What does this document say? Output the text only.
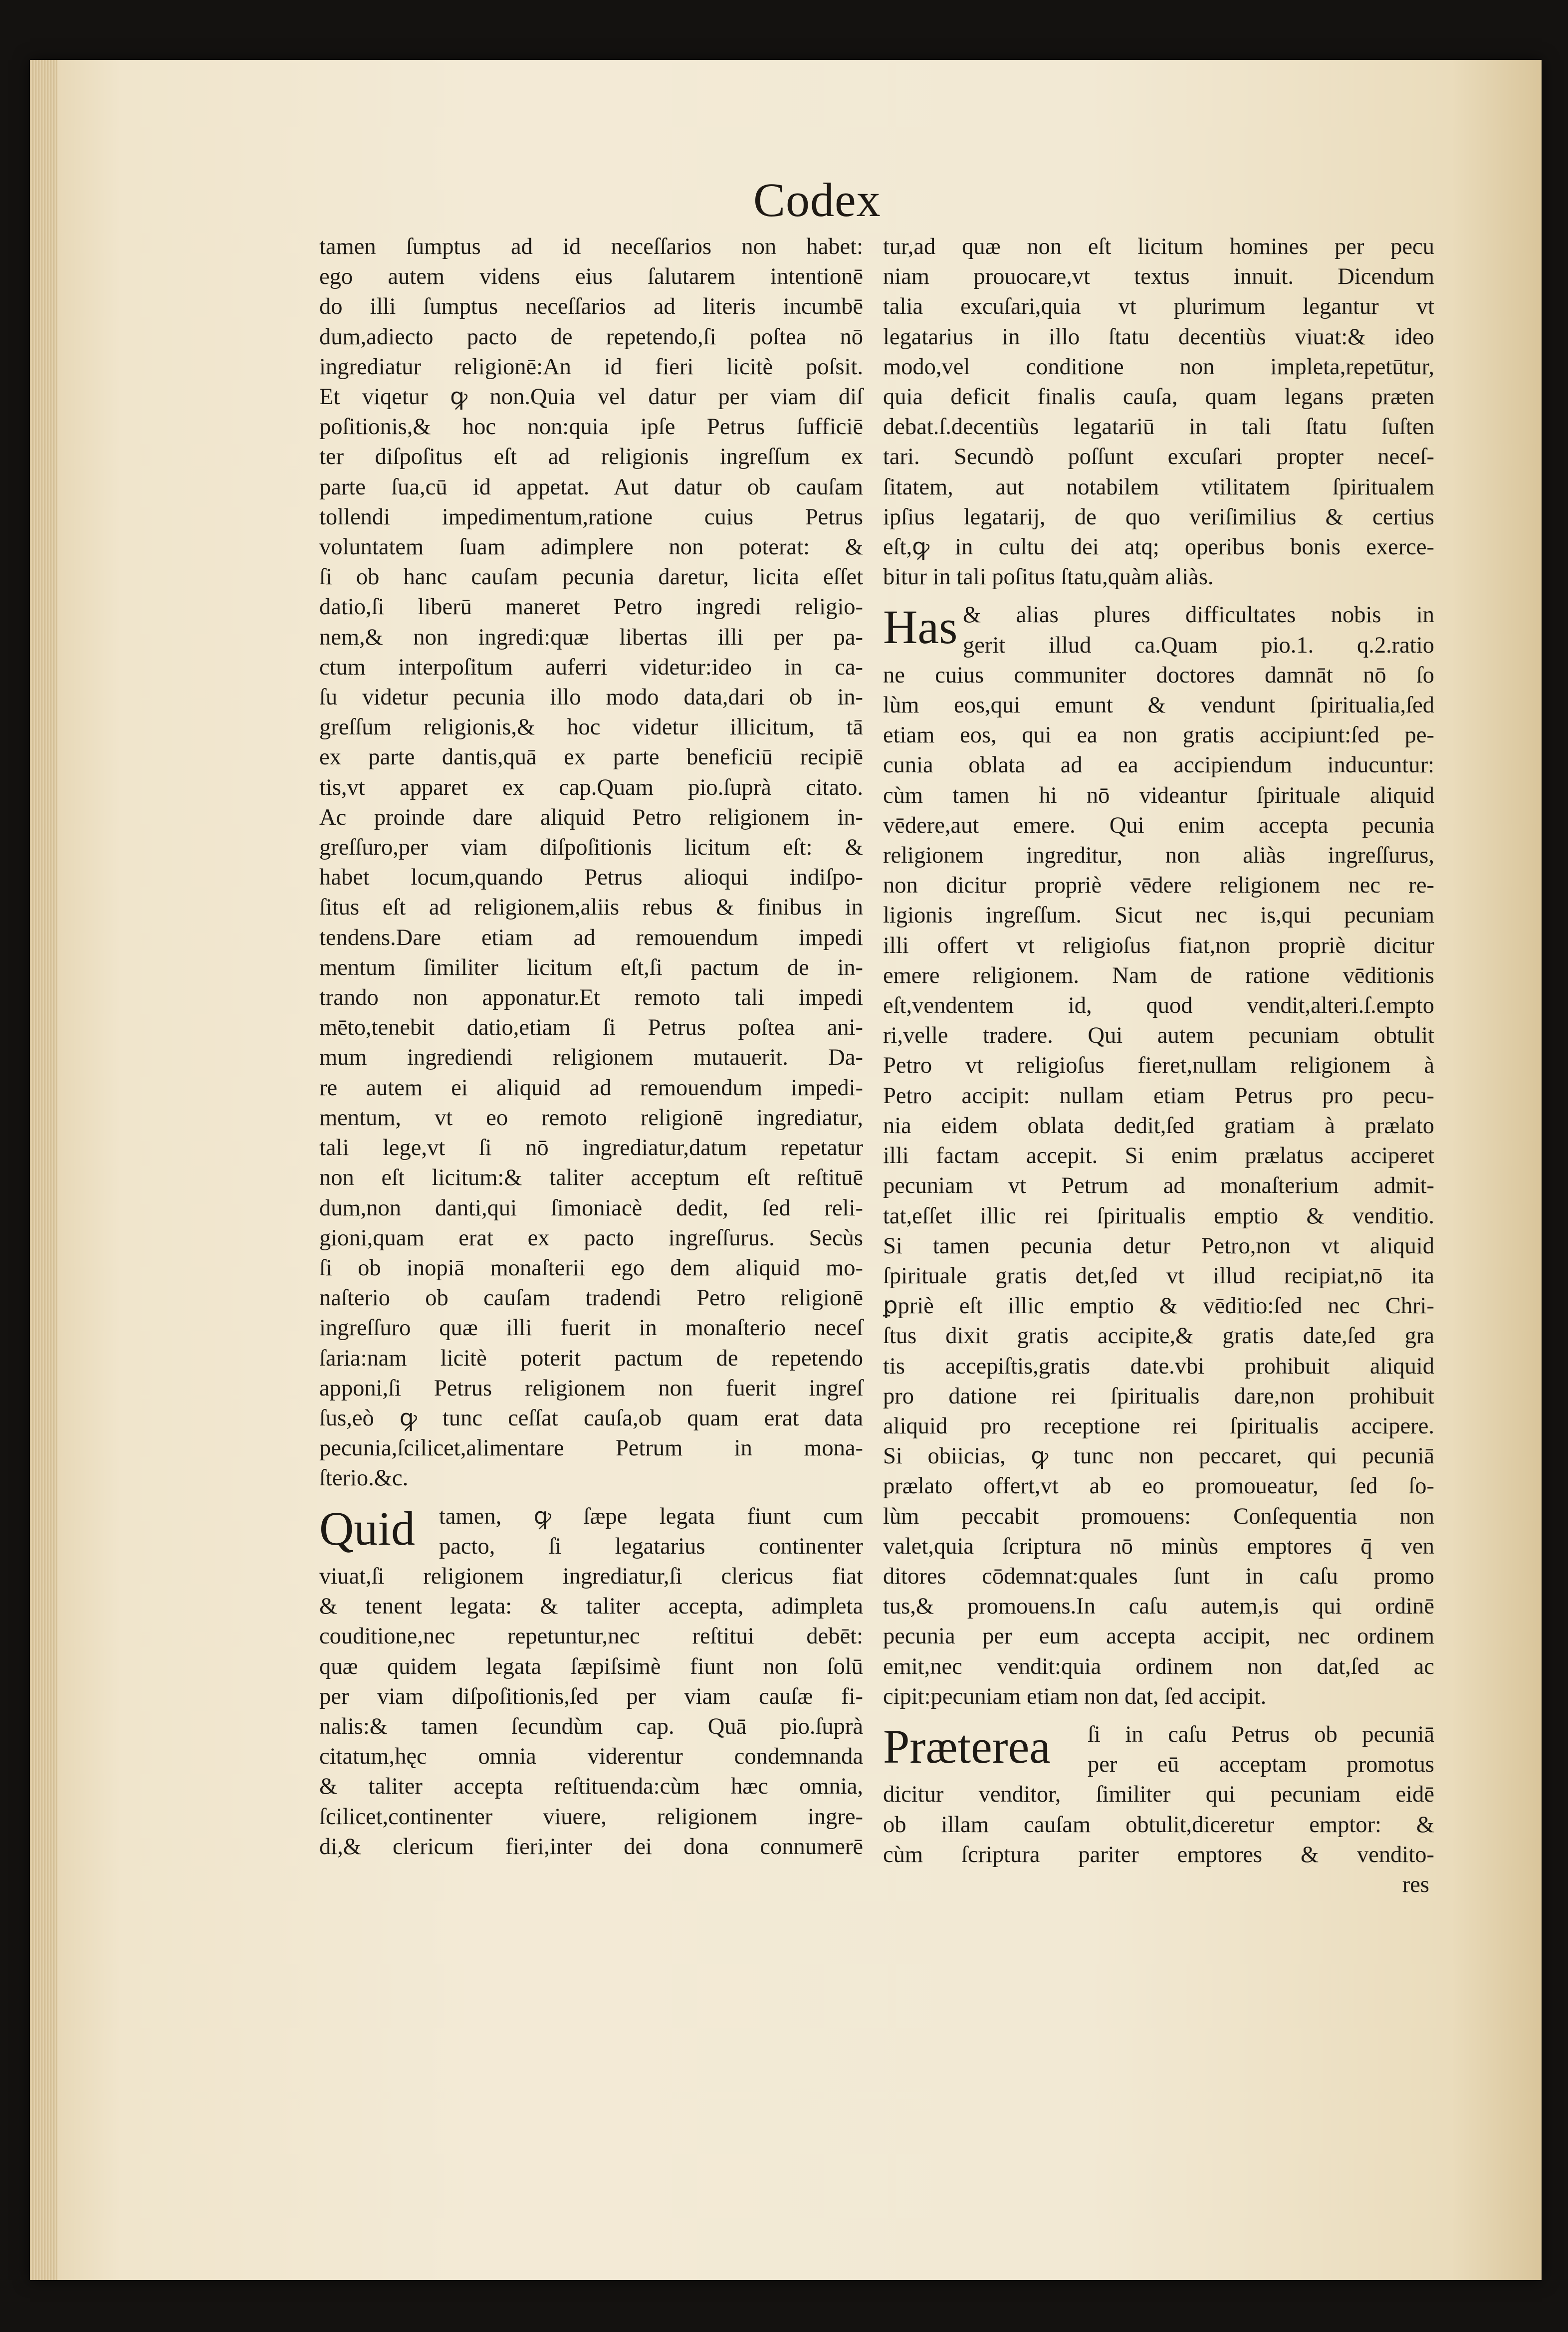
Codex
tamen ſumptus ad id neceſſarios non habet:
ego autem videns eius ſalutarem intentionē
do illi ſumptus neceſſarios ad literis incumbē
dum,adiecto pacto de repetendo,ſi poſtea nō
ingrediatur religionē:An id fieri licitè poſsit.
Et viqetur ꝙ non.Quia vel datur per viam diſ
poſitionis,& hoc non:quia ipſe Petrus ſufficiē
ter diſpoſitus eſt ad religionis ingreſſum ex
parte ſua,cū id appetat. Aut datur ob cauſam
tollendi impedimentum,ratione cuius Petrus
voluntatem ſuam adimplere non poterat: &
ſi ob hanc cauſam pecunia daretur, licita eſſet
datio,ſi liberū maneret Petro ingredi religio-
nem,& non ingredi:quæ libertas illi per pa-
ctum interpoſitum auferri videtur:ideo in ca-
ſu videtur pecunia illo modo data,dari ob in-
greſſum religionis,& hoc videtur illicitum, tā
ex parte dantis,quā ex parte beneficiū recipiē
tis,vt apparet ex cap.Quam pio.ſuprà citato.
Ac proinde dare aliquid Petro religionem in-
greſſuro,per viam diſpoſitionis licitum eſt: &
habet locum,quando Petrus alioqui indiſpo-
ſitus eſt ad religionem,aliis rebus & finibus in
tendens.Dare etiam ad remouendum impedi
mentum ſimiliter licitum eſt,ſi pactum de in-
trando non apponatur.Et remoto tali impedi
mēto,tenebit datio,etiam ſi Petrus poſtea ani-
mum ingrediendi religionem mutauerit. Da-
re autem ei aliquid ad remouendum impedi-
mentum, vt eo remoto religionē ingrediatur,
tali lege,vt ſi nō ingrediatur,datum repetatur
non eſt licitum:& taliter acceptum eſt reſtituē
dum,non danti,qui ſimoniacè dedit, ſed reli-
gioni,quam erat ex pacto ingreſſurus. Secùs
ſi ob inopiā monaſterii ego dem aliquid mo-
naſterio ob cauſam tradendi Petro religionē
ingreſſuro quæ illi fuerit in monaſterio neceſ
ſaria:nam licitè poterit pactum de repetendo
apponi,ſi Petrus religionem non fuerit ingreſ
ſus,eò ꝙ tunc ceſſat cauſa,ob quam erat data
pecunia,ſcilicet,alimentare Petrum in mona-
ſterio.&c.
Quid tamen, ꝙ ſæpe legata fiunt cum
pacto, ſi legatarius continenter
viuat,ſi religionem ingrediatur,ſi clericus fiat
& tenent legata: & taliter accepta, adimpleta
couditione,nec repetuntur,nec reſtitui debēt:
quæ quidem legata ſæpiſsimè fiunt non ſolū
per viam diſpoſitionis,ſed per viam cauſæ fi-
nalis:& tamen ſecundùm cap. Quā pio.ſuprà
citatum,hęc omnia viderentur condemnanda
& taliter accepta reſtituenda:cùm hæc omnia,
ſcilicet,continenter viuere, religionem ingre-
di,& clericum fieri,inter dei dona connumerē
tur,ad quæ non eſt licitum homines per pecu
niam prouocare,vt textus innuit. Dicendum
talia excuſari,quia vt plurimum legantur vt
legatarius in illo ſtatu decentiùs viuat:& ideo
modo,vel conditione non impleta,repetūtur,
quia deficit finalis cauſa, quam legans præten
debat.ſ.decentiùs legatariū in tali ſtatu ſuſten
tari. Secundò poſſunt excuſari propter neceſ-
ſitatem, aut notabilem vtilitatem ſpiritualem
ipſius legatarij, de quo veriſimilius & certius
eſt,ꝙ in cultu dei atq; operibus bonis exerce-
bitur in tali poſitus ſtatu,quàm aliàs.
Has & alias plures difficultates nobis in
gerit illud ca.Quam pio.1. q.2.ratio
ne cuius communiter doctores damnāt nō ſo
lùm eos,qui emunt & vendunt ſpiritualia,ſed
etiam eos, qui ea non gratis accipiunt:ſed pe-
cunia oblata ad ea accipiendum inducuntur:
cùm tamen hi nō videantur ſpirituale aliquid
vēdere,aut emere. Qui enim accepta pecunia
religionem ingreditur, non aliàs ingreſſurus,
non dicitur propriè vēdere religionem nec re-
ligionis ingreſſum. Sicut nec is,qui pecuniam
illi offert vt religioſus fiat,non propriè dicitur
emere religionem. Nam de ratione vēditionis
eſt,vendentem id, quod vendit,alteri.ſ.empto
ri,velle tradere. Qui autem pecuniam obtulit
Petro vt religioſus fieret,nullam religionem à
Petro accipit: nullam etiam Petrus pro pecu-
nia eidem oblata dedit,ſed gratiam à prælato
illi factam accepit. Si enim prælatus acciperet
pecuniam vt Petrum ad monaſterium admit-
tat,eſſet illic rei ſpiritualis emptio & venditio.
Si tamen pecunia detur Petro,non vt aliquid
ſpirituale gratis det,ſed vt illud recipiat,nō ita
ꝑpriè eſt illic emptio & vēditio:ſed nec Chri-
ſtus dixit gratis accipite,& gratis date,ſed gra
tis accepiſtis,gratis date.vbi prohibuit aliquid
pro datione rei ſpiritualis dare,non prohibuit
aliquid pro receptione rei ſpiritualis accipere.
Si obiicias, ꝙ tunc non peccaret, qui pecuniā
prælato offert,vt ab eo promoueatur, ſed ſo-
lùm peccabit promouens: Conſequentia non
valet,quia ſcriptura nō minùs emptores q̄ ven
ditores cōdemnat:quales ſunt in caſu promo
tus,& promouens.In caſu autem,is qui ordinē
pecunia per eum accepta accipit, nec ordinem
emit,nec vendit:quia ordinem non dat,ſed ac
cipit:pecuniam etiam non dat, ſed accipit.
Præterea ſi in caſu Petrus ob pecuniā
per eū acceptam promotus
dicitur venditor, ſimiliter qui pecuniam eidē
ob illam cauſam obtulit,diceretur emptor: &
cùm ſcriptura pariter emptores & vendito-
res
